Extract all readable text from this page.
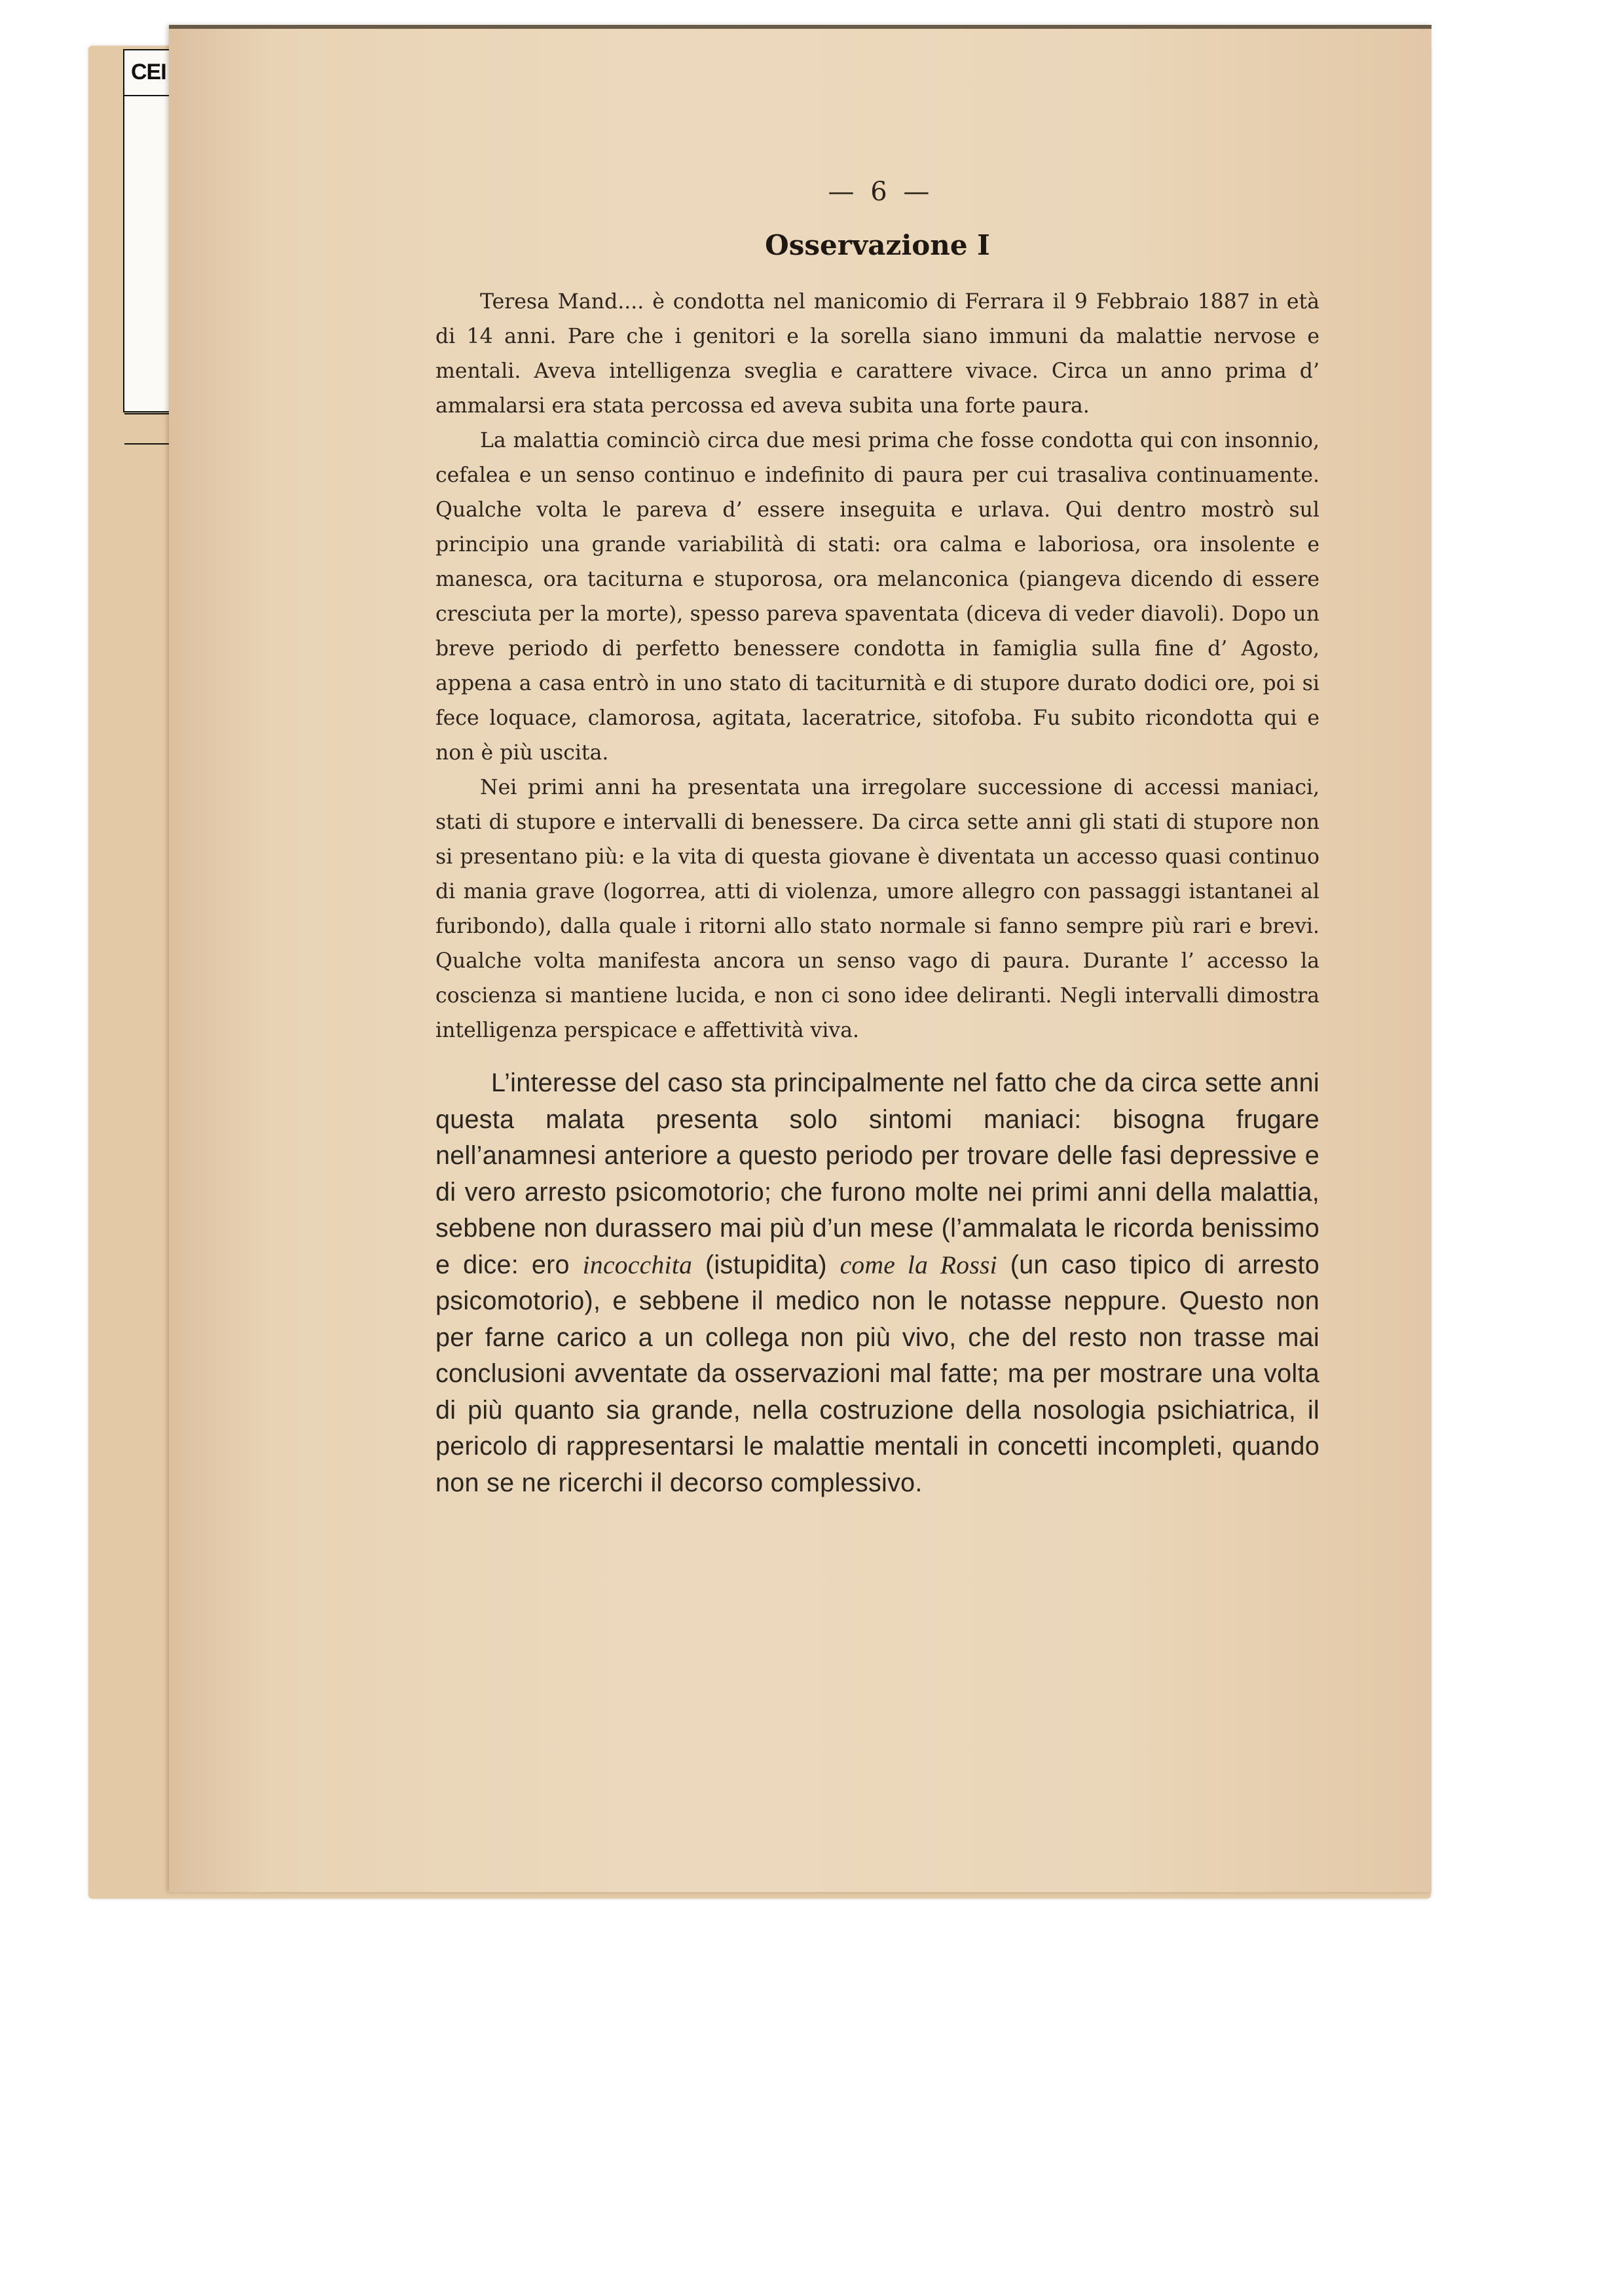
CEI
— 6 —
Osservazione I

Teresa Mand.... è condotta nel manicomio di Ferrara il 9 Febbraio 1887 in età di 14 anni. Pare che i genitori e la sorella siano immuni da malattie nervose e mentali. Aveva intelligenza sveglia e carattere vivace. Circa un anno prima d’ ammalarsi era stata percossa ed aveva subita una forte paura.

La malattia cominciò circa due mesi prima che fosse condotta qui con insonnio, cefalea e un senso continuo e indefinito di paura per cui trasaliva continuamente. Qualche volta le pareva d’ essere inseguita e urlava. Qui dentro mostrò sul principio una grande variabilità di stati: ora calma e laboriosa, ora insolente e manesca, ora taciturna e stuporosa, ora melanconica (piangeva dicendo di essere cresciuta per la morte), spesso pareva spaventata (diceva di veder diavoli). Dopo un breve periodo di perfetto benessere condotta in famiglia sulla fine d’ Agosto, appena a casa entrò in uno stato di taciturnità e di stupore durato dodici ore, poi si fece loquace, clamorosa, agitata, laceratrice, sitofoba. Fu subito ricondotta qui e non è più uscita.

Nei primi anni ha presentata una irregolare successione di accessi maniaci, stati di stupore e intervalli di benessere. Da circa sette anni gli stati di stupore non si presentano più: e la vita di questa giovane è diventata un accesso quasi continuo di mania grave (logorrea, atti di violenza, umore allegro con passaggi istantanei al furibondo), dalla quale i ritorni allo stato normale si fanno sempre più rari e brevi. Qualche volta manifesta ancora un senso vago di paura. Durante l’ accesso la coscienza si mantiene lucida, e non ci sono idee deliranti. Negli intervalli dimostra intelligenza perspicace e affettività viva.

L’interesse del caso sta principalmente nel fatto che da circa sette anni questa malata presenta solo sintomi maniaci: bisogna frugare nell’anamnesi anteriore a questo periodo per trovare delle fasi depressive e di vero arresto psicomotorio; che furono molte nei primi anni della malattia, sebbene non durassero mai più d’un mese (l’ammalata le ricorda benissimo e dice: ero incocchita (istupidita) come la Rossi (un caso tipico di arresto psicomotorio), e sebbene il medico non le notasse neppure. Questo non per farne carico a un collega non più vivo, che del resto non trasse mai conclusioni avventate da osservazioni mal fatte; ma per mostrare una volta di più quanto sia grande, nella costruzione della nosologia psichiatrica, il pericolo di rappresentarsi le malattie mentali in concetti incompleti, quando non se ne ricerchi il decorso complessivo.
